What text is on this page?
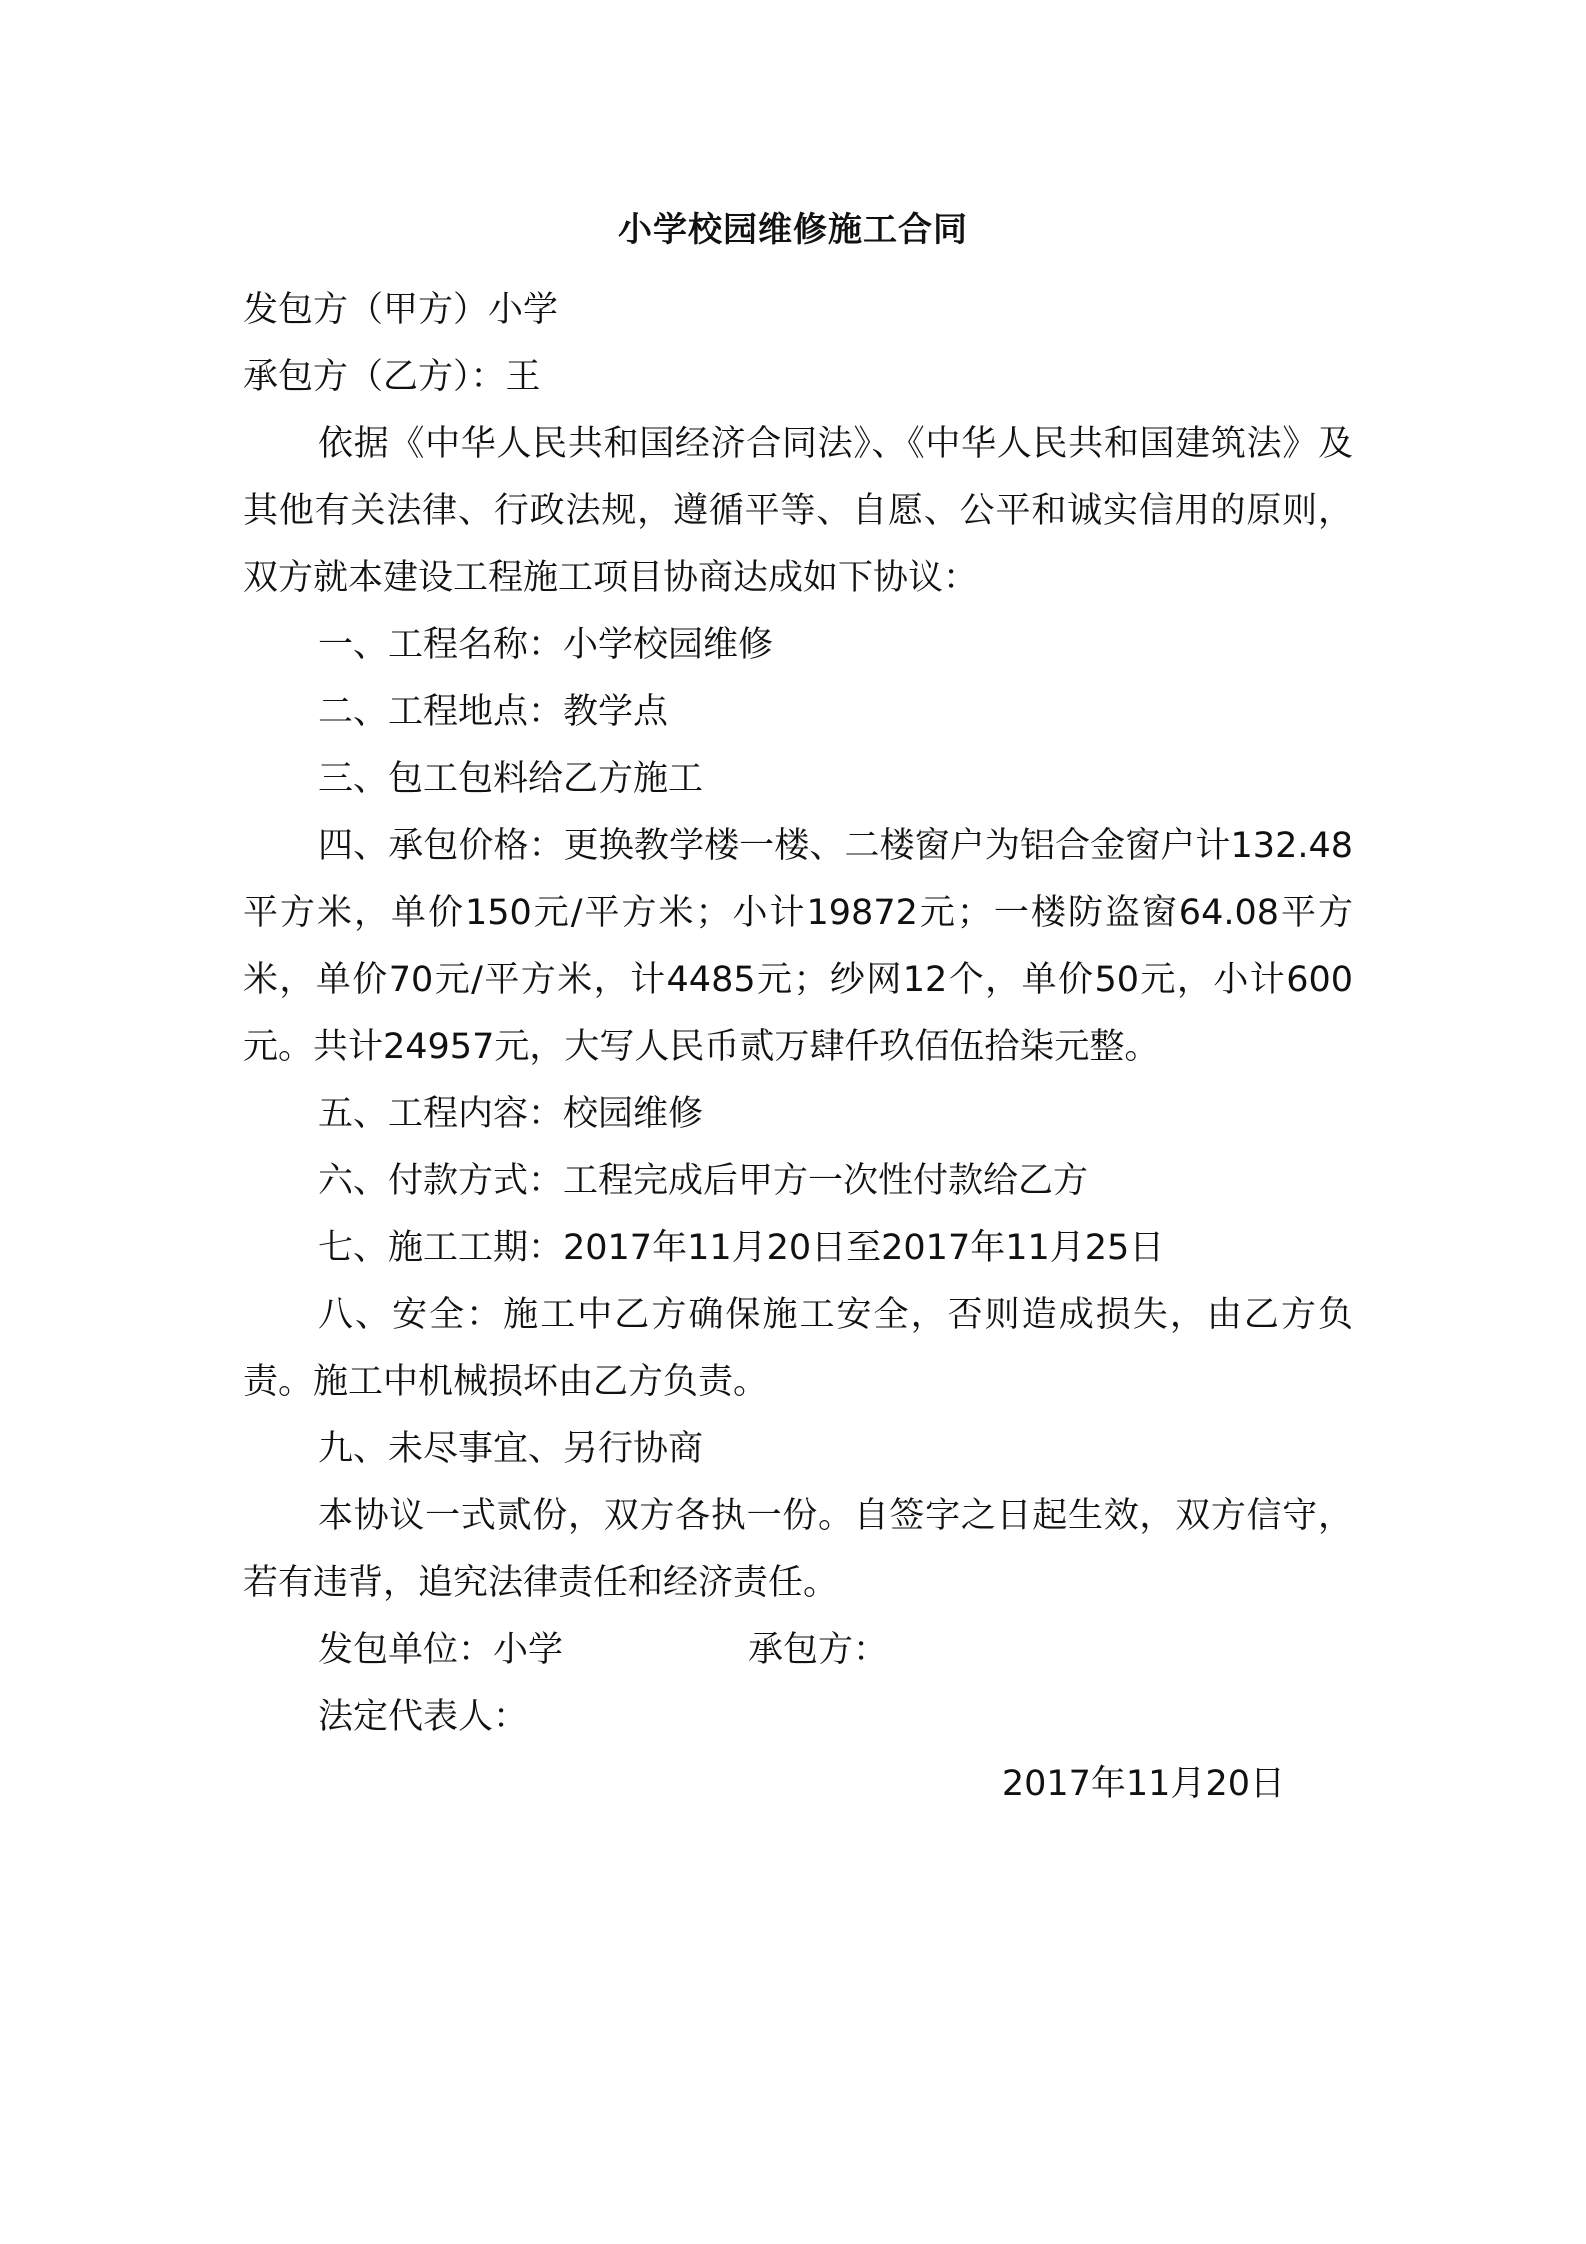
小学校园维修施工合同

发包方（甲方）小学

承包方（乙方）：王

依据《中华人民共和国经济合同法》、《中华人民共和国建筑法》及其他有关法律、行政法规，遵循平等、自愿、公平和诚实信用的原则，双方就本建设工程施工项目协商达成如下协议：

一、工程名称：小学校园维修

二、工程地点：教学点

三、包工包料给乙方施工

四、承包价格：更换教学楼一楼、二楼窗户为铝合金窗户计132.48平方米，单价150元/平方米；小计19872元；一楼防盗窗64.08平方米，单价70元/平方米，计4485元；纱网12个，单价50元，小计600元。共计24957元，大写人民币贰万肆仟玖佰伍拾柒元整。

五、工程内容：校园维修

六、付款方式：工程完成后甲方一次性付款给乙方

七、施工工期：2017年11月20日至2017年11月25日

八、安全：施工中乙方确保施工安全，否则造成损失，由乙方负责。施工中机械损坏由乙方负责。

九、未尽事宜、另行协商

本协议一式贰份，双方各执一份。自签字之日起生效，双方信守，若有违背，追究法律责任和经济责任。

发包单位：小学	承包方：

法定代表人：

2017年11月20日
